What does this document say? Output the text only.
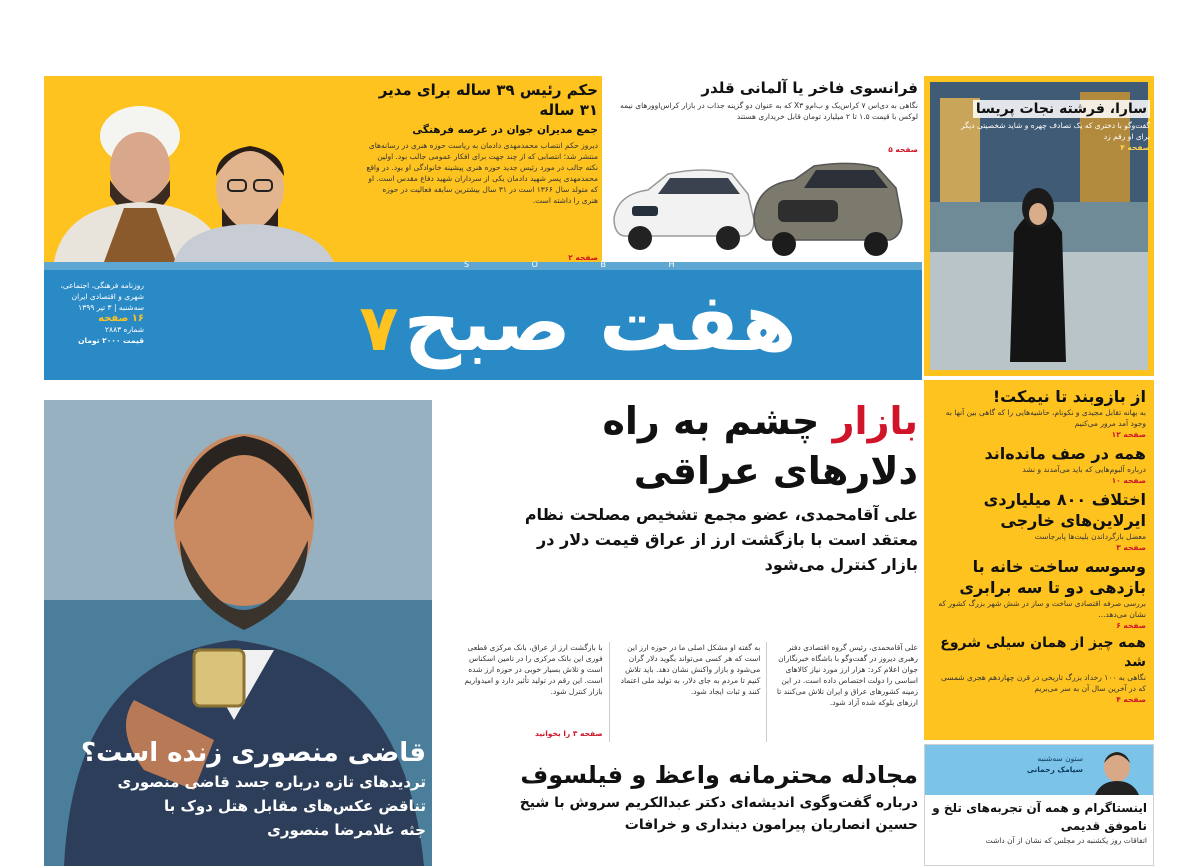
حکم رئیس ۳۹ ساله برای مدیر ۳۱ ساله
جمع مدیران جوان در عرصه فرهنگی
دیروز حکم انتصاب محمدمهدی دادمان به ریاست حوزه هنری در رسانه‌های منتشر شد؛ انتصابی که از چند جهت برای افکار عمومی جالب بود. اولین نکته جالب در مورد رئیس جدید حوزه هنری پیشینه خانوادگی او بود. در واقع محمدمهدی پسر شهید دادمان یکی از سرداران شهید دفاع مقدس است. او که متولد سال ۱۳۶۶ است در ۳۱ سال بیشترین سابقه فعالیت در حوزه هنری را داشته است.
صفحه ۲
فرانسوی فاخر یا آلمانی قلدر
نگاهی به دی‌اس ۷ کراس‌بک و ب‌ام‌و X۳ که به عنوان دو گزینه جذاب در بازار کراس‌اوورهای نیمه لوکس با قیمت ۱.۵ تا ۲ میلیارد تومان قابل خریداری هستند
صفحه ۵
سارا، فرشته نجات پریسا
گفت‌وگو با دختری که یک تصادف چهره و شاید شخصیتی دیگر برای او رقم زد
صفحه ۴
S O B H
روزنامه فرهنگی، اجتماعی، شهری و اقتصادی ایران
سه‌شنبه | ۳ تیر ۱۳۹۹
۱۶ صفحه
شماره ۲۸۸۳
قیمت ۲۰۰۰ تومان	هفت صبح ۷
از بازوبند تا نیمکت!
به بهانه تقابل مجیدی و نکونام، حاشیه‌هایی را که گاهی بین آنها به وجود آمد مرور می‌کنیم
صفحه ۱۲
همه در صف مانده‌اند
درباره آلبوم‌هایی که باید می‌آمدند و نشد
صفحه ۱۰
اختلاف ۸۰۰ میلیاردی ایرلاین‌های خارجی
معضل بازگرداندن بلیت‌ها پابرجاست
صفحه ۳
وسوسه ساخت خانه با بازدهی دو تا سه برابری
بررسی صرفه اقتصادی ساخت و ساز در شش شهر بزرگ کشور که نشان می‌دهد...
صفحه ۶
همه چیز از همان سیلی شروع شد
نگاهی به ۱۰۰ رخداد بزرگ تاریخی در قرن چهاردهم هجری شمسی که در آخرین سال آن به سر می‌بریم
صفحه ۴
ستون سه‌شنبه
سیامک رحمانی
اینستاگرام و همه آن تجربه‌های تلخ و ناموفق قدیمی
اتفاقات روز یکشنبه در مجلس که نشان از آن داشت
قاضی منصوری زنده است؟
تردیدهای تازه درباره جسد قاضی منصوری
تناقض عکس‌های مقابل هتل دوک با
جثه غلامرضا منصوری
بازار چشم به راه
دلارهای عراقی
علی آقامحمدی، عضو مجمع تشخیص مصلحت نظام معتقد است با بازگشت ارز از عراق قیمت دلار در بازار کنترل می‌شود
علی آقامحمدی، رئیس گروه اقتصادی دفتر رهبری دیروز در گفت‌وگو با باشگاه خبرنگاران جوان اعلام کرد: هزار ارز مورد نیاز کالاهای اساسی را دولت اختصاص داده است. در این زمینه کشورهای عراق و ایران تلاش می‌کنند تا ارزهای بلوکه شده آزاد شود.
به گفته او مشکل اصلی ما در حوزه ارز این است که هر کسی می‌تواند بگوید دلار گران می‌شود و بازار واکنش نشان دهد. باید تلاش کنیم تا مردم به جای دلار، به تولید ملی اعتماد کنند و ثبات ایجاد شود.
با بازگشت ارز از عراق، بانک مرکزی قطعی فوری این بانک مرکزی را در تامین اسکناس است و تلاش بسیار خوبی در حوزه ارز شده است. این رقم در تولید تأثیر دارد و امیدواریم بازار کنترل شود.
صفحه ۳ را بخوانید
مجادله محترمانه واعظ و فیلسوف
درباره گفت‌وگوی اندیشه‌ای دکتر عبدالکریم سروش با شیخ حسین انصاریان پیرامون دینداری و خرافات
